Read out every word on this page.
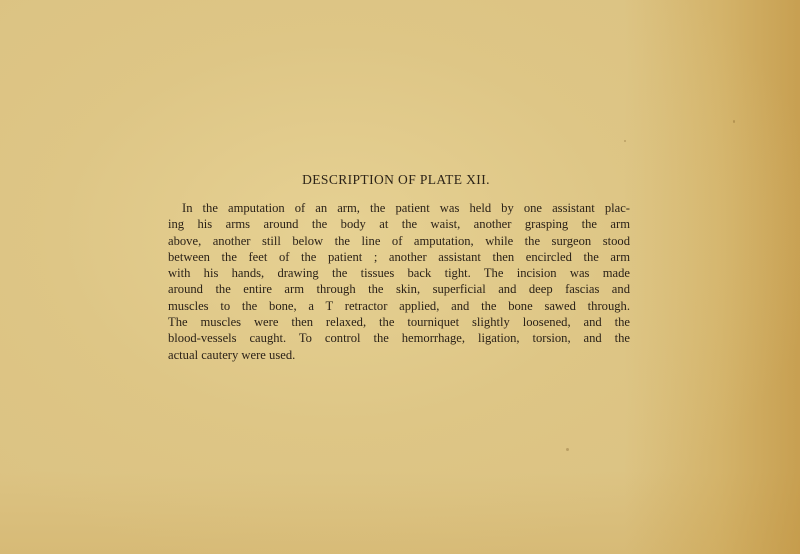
DESCRIPTION OF PLATE XII.
In the amputation of an arm, the patient was held by one assistant plac-
ing his arms around the body at the waist, another grasping the arm
above, another still below the line of amputation, while the surgeon stood
between the feet of the patient ; another assistant then encircled the arm
with his hands, drawing the tissues back tight. The incision was made
around the entire arm through the skin, superficial and deep fascias and
muscles to the bone, a T retractor applied, and the bone sawed through.
The muscles were then relaxed, the tourniquet slightly loosened, and the
blood-vessels caught. To control the hemorrhage, ligation, torsion, and the
actual cautery were used.
